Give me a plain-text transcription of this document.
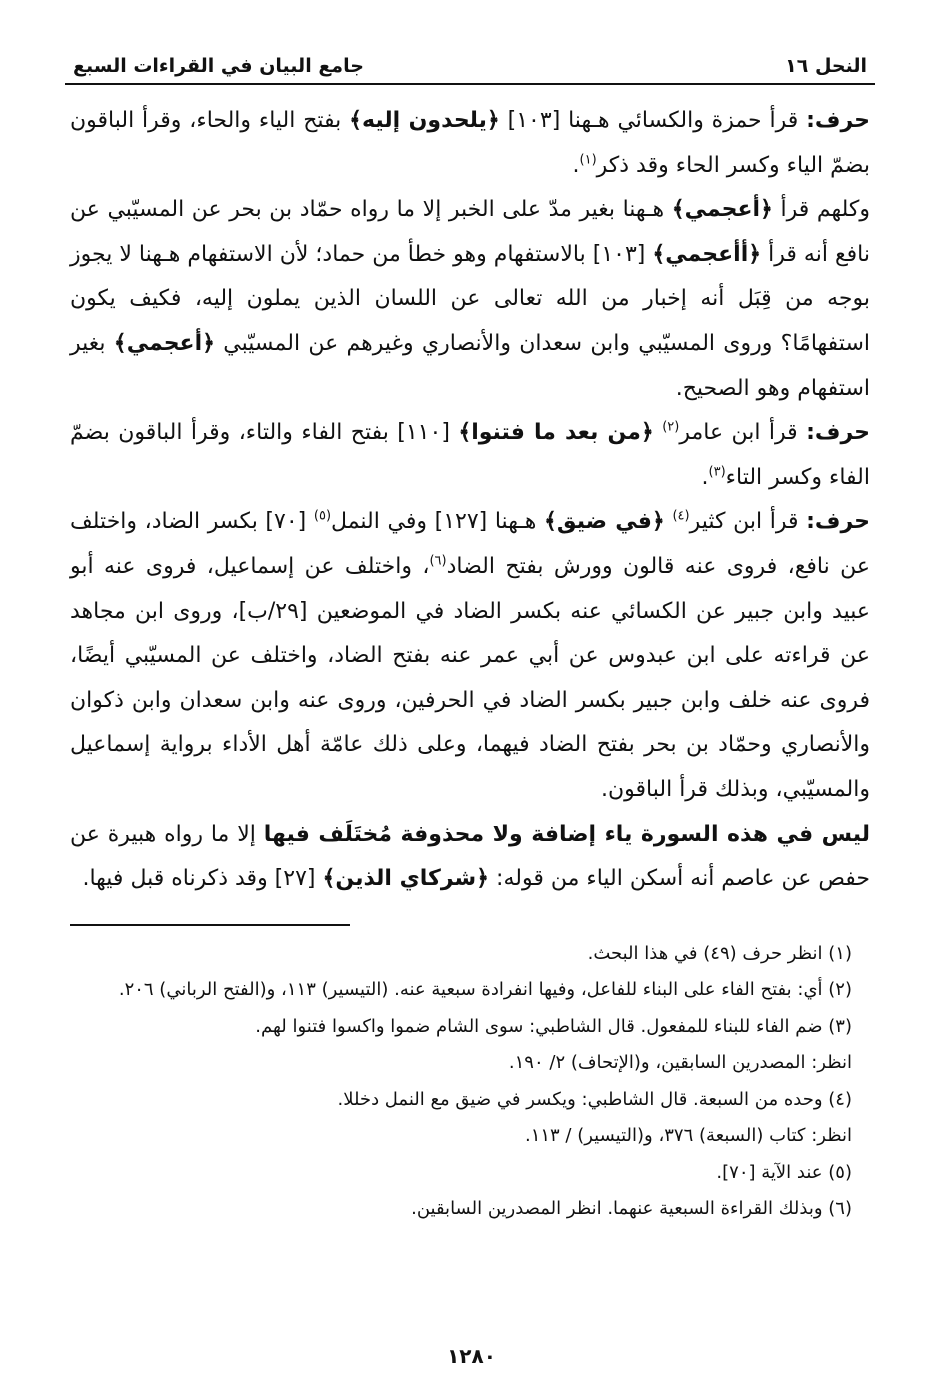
النحل ١٦
جامع البيان في القراءات السبع

حرف: قرأ حمزة والكسائي هـهنا [١٠٣] ﴿يلحدون إليه﴾ بفتح الياء والحاء، وقرأ الباقون بضمّ الياء وكسر الحاء وقد ذكر$^{(١)}$.

وكلهم قرأ ﴿أعجمي﴾ هـهنا بغير مدّ على الخبر إلا ما رواه حمّاد بن بحر عن المسيّبي عن نافع أنه قرأ ﴿أأعجمي﴾ [١٠٣] بالاستفهام وهو خطأ من حماد؛ لأن الاستفهام هـهنا لا يجوز بوجه من قِبَل أنه إخبار من الله تعالى عن اللسان الذين يملون إليه، فكيف يكون استفهامًا؟ وروى المسيّبي وابن سعدان والأنصاري وغيرهم عن المسيّبي ﴿أعجمي﴾ بغير استفهام وهو الصحيح.

حرف: قرأ ابن عامر$^{(٢)}$ ﴿من بعد ما فتنوا﴾ [١١٠] بفتح الفاء والتاء، وقرأ الباقون بضمّ الفاء وكسر التاء$^{(٣)}$.

حرف: قرأ ابن كثير$^{(٤)}$ ﴿في ضيق﴾ هـهنا [١٢٧] وفي النمل$^{(٥)}$ [٧٠] بكسر الضاد، واختلف عن نافع، فروى عنه قالون وورش بفتح الضاد$^{(٦)}$، واختلف عن إسماعيل، فروى عنه أبو عبيد وابن جبير عن الكسائي عنه بكسر الضاد في الموضعين [٢٩/ب]، وروى ابن مجاهد عن قراءته على ابن عبدوس عن أبي عمر عنه بفتح الضاد، واختلف عن المسيّبي أيضًا، فروى عنه خلف وابن جبير بكسر الضاد في الحرفين، وروى عنه وابن سعدان وابن ذكوان والأنصاري وحمّاد بن بحر بفتح الضاد فيهما، وعلى ذلك عامّة أهل الأداء برواية إسماعيل والمسيّبي، وبذلك قرأ الباقون.

ليس في هذه السورة ياء إضافة ولا محذوفة مُختَلَف فيها إلا ما رواه هبيرة عن حفص عن عاصم أنه أسكن الياء من قوله: ﴿شركاي الذين﴾ [٢٧] وقد ذكرناه قبل فيها.

(١) انظر حرف (٤٩) في هذا البحث.

(٢) أي: بفتح الفاء على البناء للفاعل، وفيها انفرادة سبعية عنه. (التيسير) ١١٣، و(الفتح الرباني) ٢٠٦.

(٣) ضم الفاء للبناء للمفعول. قال الشاطبي: سوى الشام ضموا واكسوا فتنوا لهم.

انظر: المصدرين السابقين، و(الإتحاف) ٢/ ١٩٠.

(٤) وحده من السبعة. قال الشاطبي: ويكسر في ضيق مع النمل دخللا.

انظر: كتاب (السبعة) ٣٧٦، و(التيسير) / ١١٣.

(٥) عند الآية [٧٠].

(٦) وبذلك القراءة السبعية عنهما. انظر المصدرين السابقين.

١٢٨٠
